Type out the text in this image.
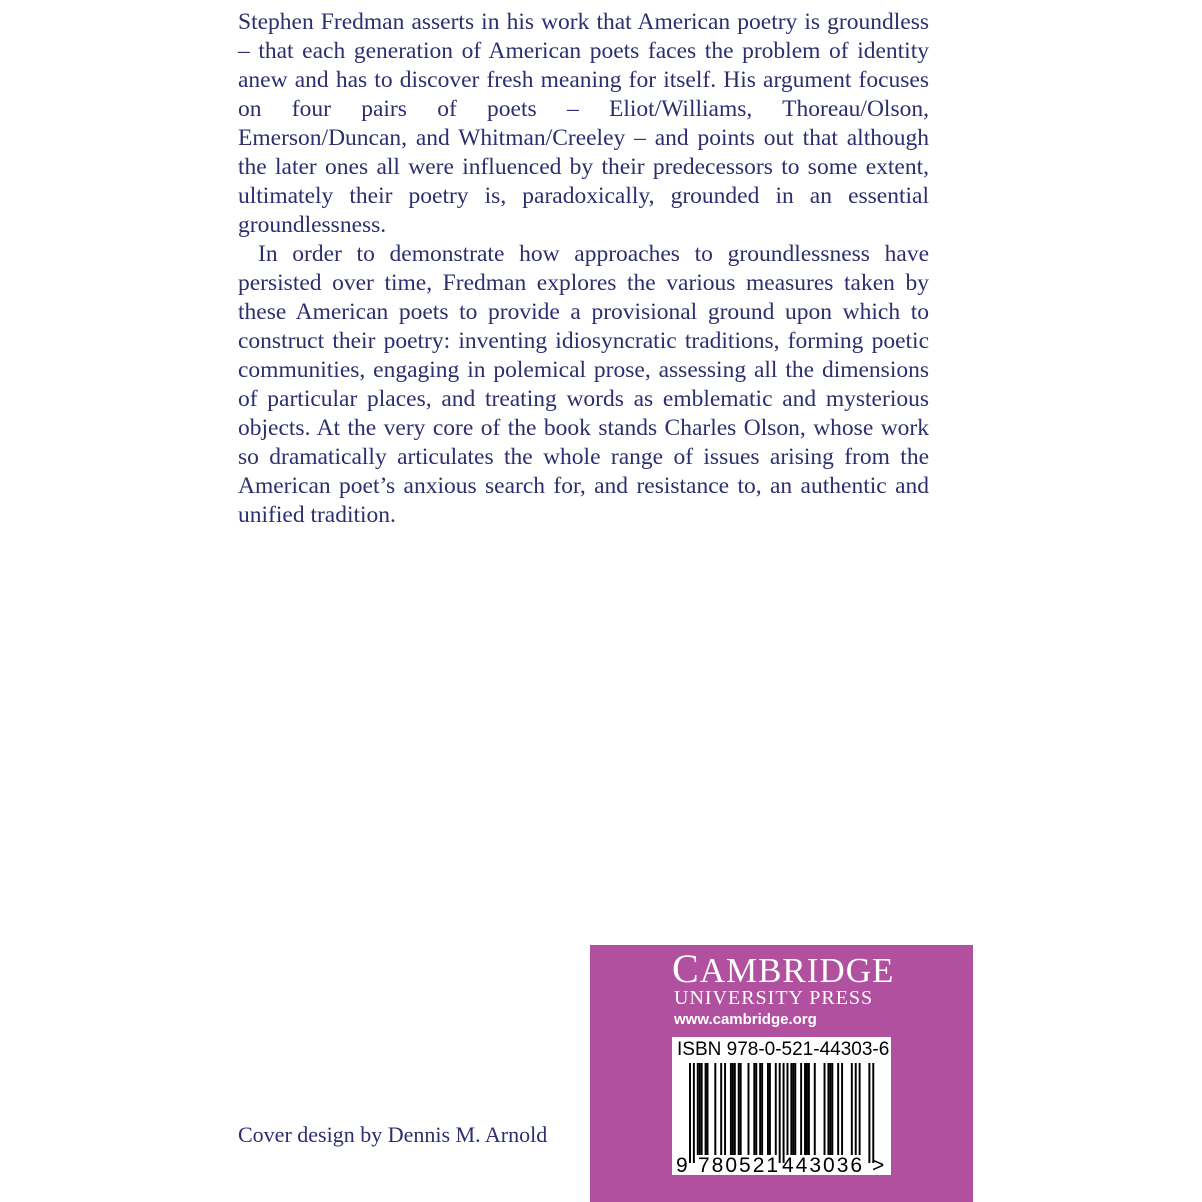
Stephen Fredman asserts in his work that American poetry is groundless – that each generation of American poets faces the problem of identity anew and has to discover fresh meaning for itself. His argument focuses on four pairs of poets – Eliot/Williams, Thoreau/Olson, Emerson/Duncan, and Whitman/Creeley – and points out that although the later ones all were influenced by their predecessors to some extent, ultimately their poetry is, paradoxically, grounded in an essential groundlessness.

In order to demonstrate how approaches to groundlessness have persisted over time, Fredman explores the various measures taken by these American poets to provide a provisional ground upon which to construct their poetry: inventing idiosyncratic traditions, forming poetic communities, engaging in polemical prose, assessing all the dimensions of particular places, and treating words as emblematic and mysterious objects. At the very core of the book stands Charles Olson, whose work so dramatically articulates the whole range of issues arising from the American poet’s anxious search for, and resistance to, an authentic and unified tradition.

Cover design by Dennis M. Arnold
CAMBRIDGE
UNIVERSITY PRESS
www.cambridge.org
ISBN 978-0-521-44303-6
9 780521 443036 >
